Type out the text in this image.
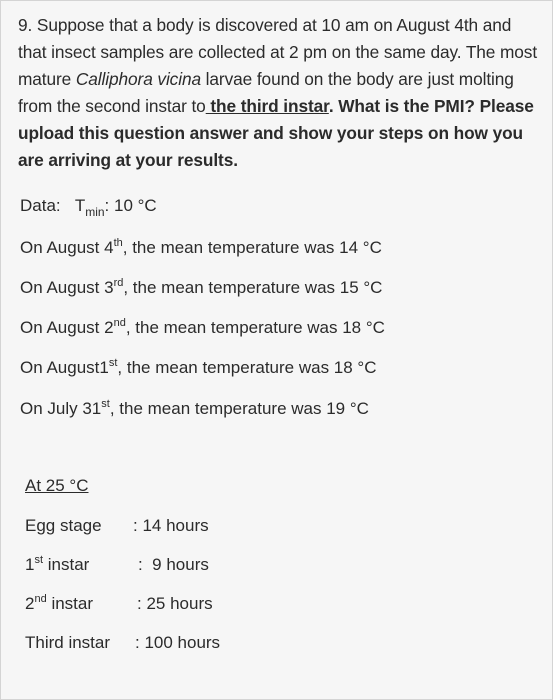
9. Suppose that a body is discovered at 10 am on August 4th and that insect samples are collected at 2 pm on the same day. The most mature Calliphora vicina larvae found on the body are just molting from the second instar to the third instar. What is the PMI? Please upload this question answer and show your steps on how you are arriving at your results.
Data: $T_{min}$: 10 °C
On August 4th, the mean temperature was 14 °C
On August 3rd, the mean temperature was 15 °C
On August 2nd, the mean temperature was 18 °C
On August1st, the mean temperature was 18 °C
On July 31st, the mean temperature was 19 °C
At 25 °C
Egg stage : 14 hours
1st instar	:  9 hours
2nd instar	: 25 hours
Third instar : 100 hours
